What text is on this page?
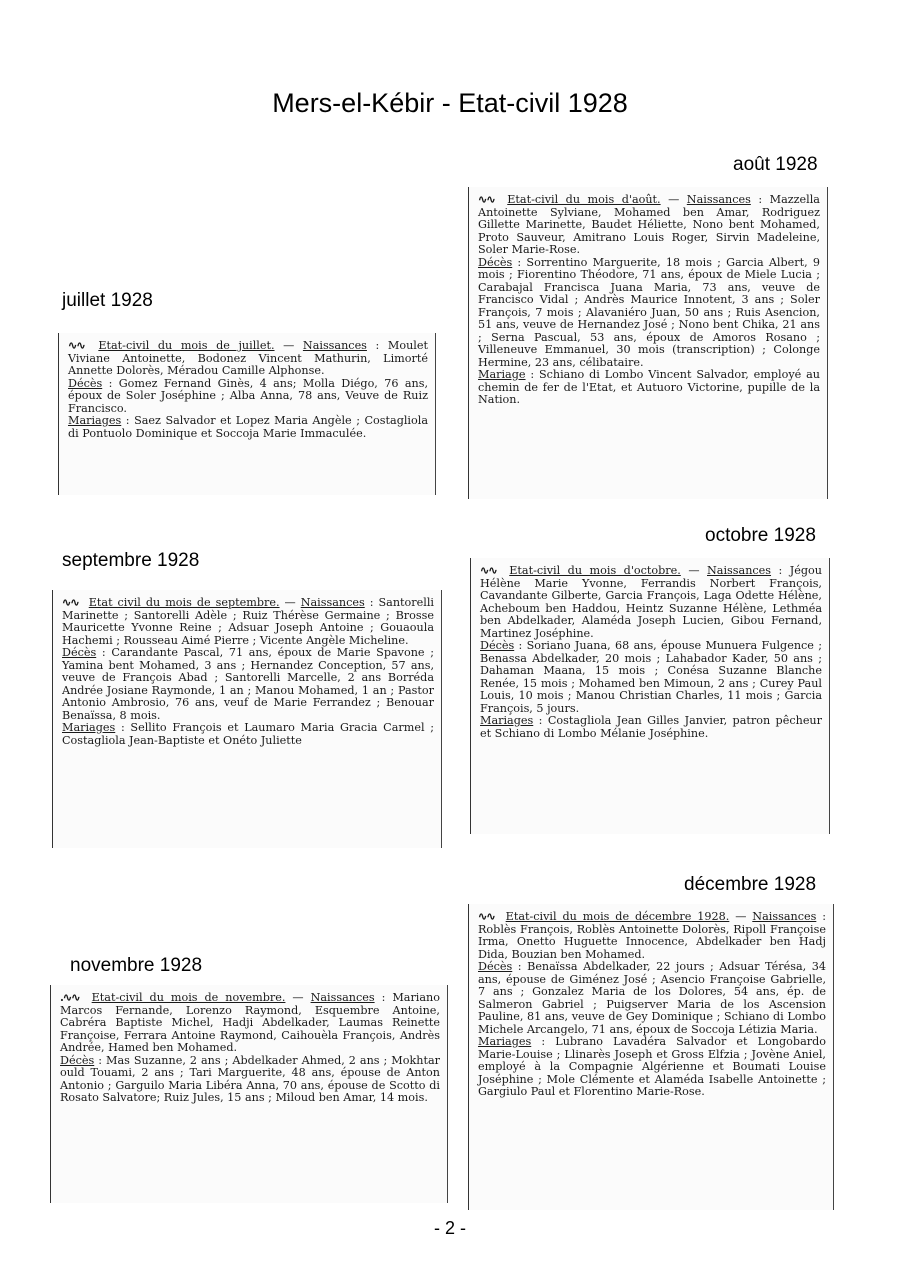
Mers-el-Kébir - Etat-civil 1928
juillet 1928
août 1928
septembre 1928
octobre 1928
novembre 1928
décembre 1928

∿∿ Etat-civil du mois de juillet. — Naissances : Moulet Viviane Antoinette, Bodonez Vincent Mathurin, Limorté Annette Dolorès, Méradou Camille Alphonse.

Décès : Gomez Fernand Ginès, 4 ans; Molla Diégo, 76 ans, époux de Soler Joséphine ; Alba Anna, 78 ans, Veuve de Ruiz Francisco.

Mariages : Saez Salvador et Lopez Maria Angèle ; Costagliola di Pontuolo Dominique et Soccoja Marie Immaculée.

∿∿ Etat-civil du mois d'août. — Naissances : Mazzella Antoinette Sylviane, Mohamed ben Amar, Rodriguez Gillette Marinette, Baudet Héliette, Nono bent Mohamed, Proto Sauveur, Amitrano Louis Roger, Sirvin Madeleine, Soler Marie-Rose.

Décès : Sorrentino Marguerite, 18 mois ; Garcia Albert, 9 mois ; Fiorentino Théodore, 71 ans, époux de Miele Lucia ; Carabajal Francisca Juana Maria, 73 ans, veuve de Francisco Vidal ; Andrès Maurice Innotent, 3 ans ; Soler François, 7 mois ; Alavaniéro Juan, 50 ans ; Ruis Asencion, 51 ans, veuve de Hernandez José ; Nono bent Chika, 21 ans ; Serna Pascual, 53 ans, époux de Amoros Rosano ; Villeneuve Emmanuel, 30 mois (transcription) ; Colonge Hermine, 23 ans, célibataire.

Mariage : Schiano di Lombo Vincent Salvador, employé au chemin de fer de l'Etat, et Autuoro Victorine, pupille de la Nation.

∿∿ Etat civil du mois de septembre. — Naissances : Santorelli Marinette ; Santorelli Adèle ; Ruiz Thérèse Germaine ; Brosse Mauricette Yvonne Reine ; Adsuar Joseph Antoine ; Gouaoula Hachemi ; Rousseau Aimé Pierre ; Vicente Angèle Micheline.

Décès : Carandante Pascal, 71 ans, époux de Marie Spavone ; Yamina bent Mohamed, 3 ans ; Hernandez Conception, 57 ans, veuve de François Abad ; Santorelli Marcelle, 2 ans Borréda Andrée Josiane Raymonde, 1 an ; Manou Mohamed, 1 an ; Pastor Antonio Ambrosio, 76 ans, veuf de Marie Ferrandez ; Benouar Benaïssa, 8 mois.

Mariages : Sellito François et Laumaro Maria Gracia Carmel ; Costagliola Jean-Baptiste et Onéto Juliette

∿∿ Etat-civil du mois d'octobre. — Naissances : Jégou Hélène Marie Yvonne, Ferrandis Norbert François, Cavandante Gilberte, Garcia François, Laga Odette Hélène, Acheboum ben Haddou, Heintz Suzanne Hélène, Lethméa ben Abdelkader, Alaméda Joseph Lucien, Gibou Fernand, Martinez Joséphine.

Décès : Soriano Juana, 68 ans, épouse Munuera Fulgence ; Benassa Abdelkader, 20 mois ; Lahabador Kader, 50 ans ; Dahaman Maana, 15 mois ; Conésa Suzanne Blanche Renée, 15 mois ; Mohamed ben Mimoun, 2 ans ; Curey Paul Louis, 10 mois ; Manou Christian Charles, 11 mois ; Garcia François, 5 jours.

Mariages : Costagliola Jean Gilles Janvier, patron pêcheur et Schiano di Lombo Mélanie Joséphine.

.∿∿ Etat-civil du mois de novembre. — Naissances : Mariano Marcos Fernande, Lorenzo Raymond, Esquembre Antoine, Cabréra Baptiste Michel, Hadji Abdelkader, Laumas Reinette Françoise, Ferrara Antoine Raymond, Caihouèla François, Andrès Andrée, Hamed ben Mohamed.

Décès : Mas Suzanne, 2 ans ; Abdelkader Ahmed, 2 ans ; Mokhtar ould Touami, 2 ans ; Tari Marguerite, 48 ans, épouse de Anton Antonio ; Garguilo Maria Libéra Anna, 70 ans, épouse de Scotto di Rosato Salvatore; Ruiz Jules, 15 ans ; Miloud ben Amar, 14 mois.

∿∿ Etat-civil du mois de décembre 1928. — Naissances : Roblès François, Roblès Antoinette Dolorès, Ripoll Françoise Irma, Onetto Huguette Innocence, Abdelkader ben Hadj Dida, Bouzian ben Mohamed.

Décès : Benaïssa Abdelkader, 22 jours ; Adsuar Térésa, 34 ans, épouse de Giménez José ; Asencio Françoise Gabrielle, 7 ans ; Gonzalez Maria de los Dolores, 54 ans, ép. de Salmeron Gabriel ; Puigserver Maria de los Ascension Pauline, 81 ans, veuve de Gey Dominique ; Schiano di Lombo Michele Arcangelo, 71 ans, époux de Soccoja Létizia Maria.

Mariages : Lubrano Lavadéra Salvador et Longobardo Marie-Louise ; Llinarès Joseph et Gross Elfzia ; Jovène Aniel, employé à la Compagnie Algérienne et Boumati Louise Joséphine ; Mole Clémente et Alaméda Isabelle Antoinette ; Gargiulo Paul et Florentino Marie-Rose.

- 2 -
